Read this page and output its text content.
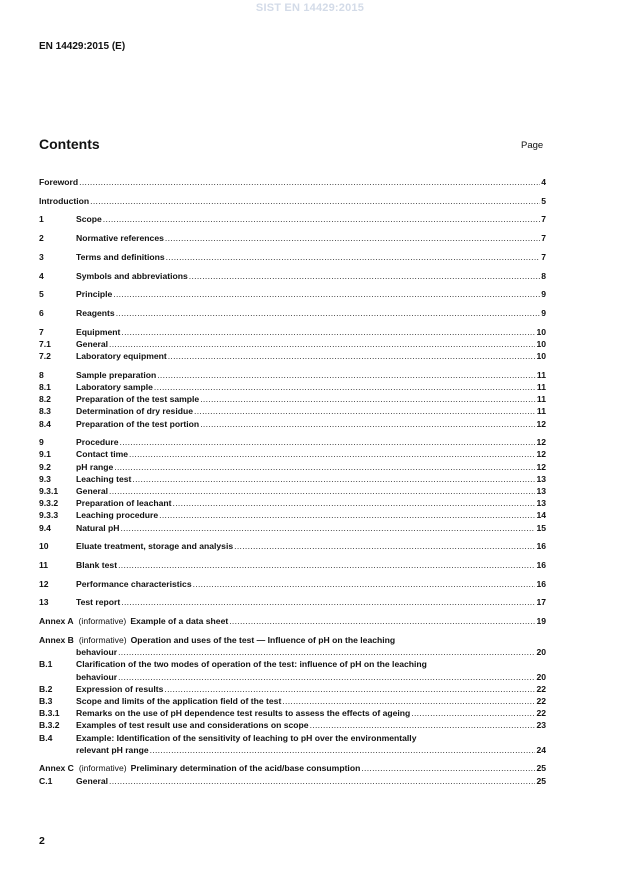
SIST EN 14429:2015
EN 14429:2015 (E)
Contents	Page
Foreword .....	4
Introduction .....	5
1	Scope .....	7
2	Normative references .....	7
3	Terms and definitions .....	7
4	Symbols and abbreviations .....	8
5	Principle .....	9
6	Reagents .....	9
7	Equipment .....	10
7.1	General .....	10
7.2	Laboratory equipment .....	10
8	Sample preparation .....	11
8.1	Laboratory sample .....	11
8.2	Preparation of the test sample .....	11
8.3	Determination of dry residue .....	11
8.4	Preparation of the test portion .....	12
9	Procedure .....	12
9.1	Contact time .....	12
9.2	pH range .....	12
9.3	Leaching test .....	13
9.3.1	General .....	13
9.3.2	Preparation of leachant .....	13
9.3.3	Leaching procedure .....	14
9.4	Natural pH .....	15
10	Eluate treatment, storage and analysis .....	16
11	Blank test .....	16
12	Performance characteristics .....	16
13	Test report .....	17
Annex A (informative) Example of a data sheet .....	19
Annex B (informative) Operation and uses of the test — Influence of pH on the leaching
behaviour .....	20
B.1	Clarification of the two modes of operation of the test: influence of pH on the leaching
behaviour .....	20
B.2	Expression of results .....	22
B.3	Scope and limits of the application field of the test .....	22
B.3.1	Remarks on the use of pH dependence test results to assess the effects of ageing .....	22
B.3.2	Examples of test result use and considerations on scope .....	23
B.4	Example: Identification of the sensitivity of leaching to pH over the environmentally
relevant pH range .....	24
Annex C (informative) Preliminary determination of the acid/base consumption .....	25
C.1	General .....	25
2
